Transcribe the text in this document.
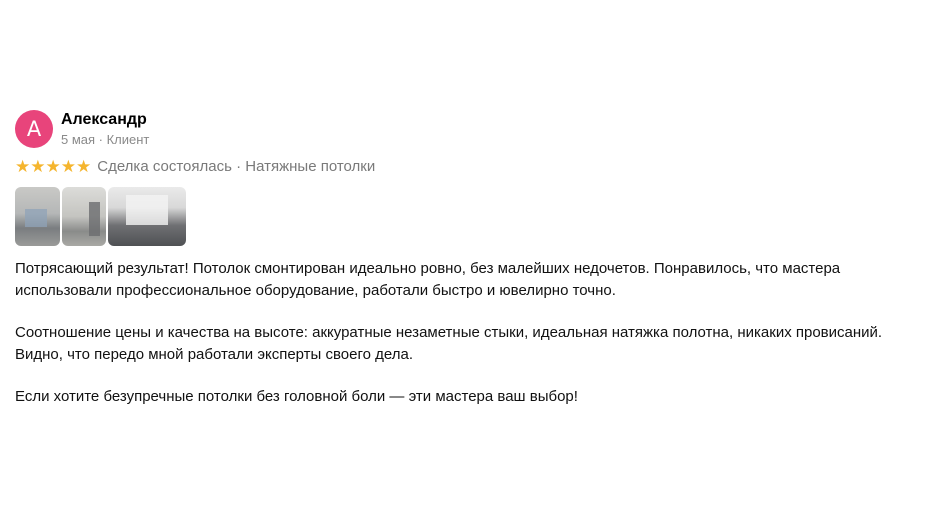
А	Александр
5 мая · Клиент
★ ★ ★ ★ ★ Сделка состоялась · Натяжные потолки

Потрясающий результат! Потолок смонтирован идеально ровно, без малейших недочетов. Понравилось, что мастера использовали профессиональное оборудование, работали быстро и ювелирно точно.

Соотношение цены и качества на высоте: аккуратные незаметные стыки, идеальная натяжка полотна, никаких провисаний. Видно, что передо мной работали эксперты своего дела.

Если хотите безупречные потолки без головной боли — эти мастера ваш выбор!
